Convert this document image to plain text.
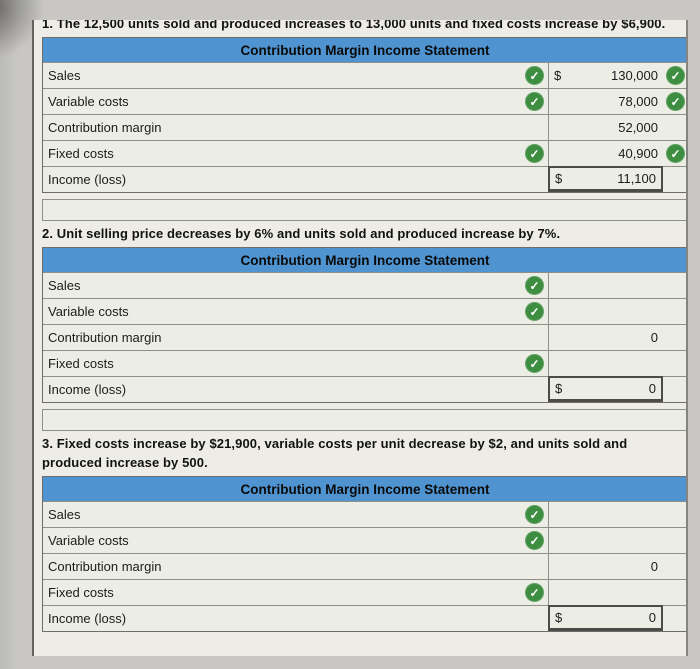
1. The 12,500 units sold and produced increases to 13,000 units and fixed costs increase by $6,900.
Contribution Margin Income Statement
Sales	✓	$	130,000	✓
Variable costs	✓	78,000	✓
Contribution margin	52,000
Fixed costs	✓	40,900	✓
Income (loss)	$	11,100
2. Unit selling price decreases by 6% and units sold and produced increase by 7%.
Contribution Margin Income Statement
Sales	✓
Variable costs	✓
Contribution margin	0
Fixed costs	✓
Income (loss)	$	0
3. Fixed costs increase by $21,900, variable costs per unit decrease by $2, and units sold and produced increase by 500.
Contribution Margin Income Statement
Sales	✓
Variable costs	✓
Contribution margin	0
Fixed costs	✓
Income (loss)	$	0
